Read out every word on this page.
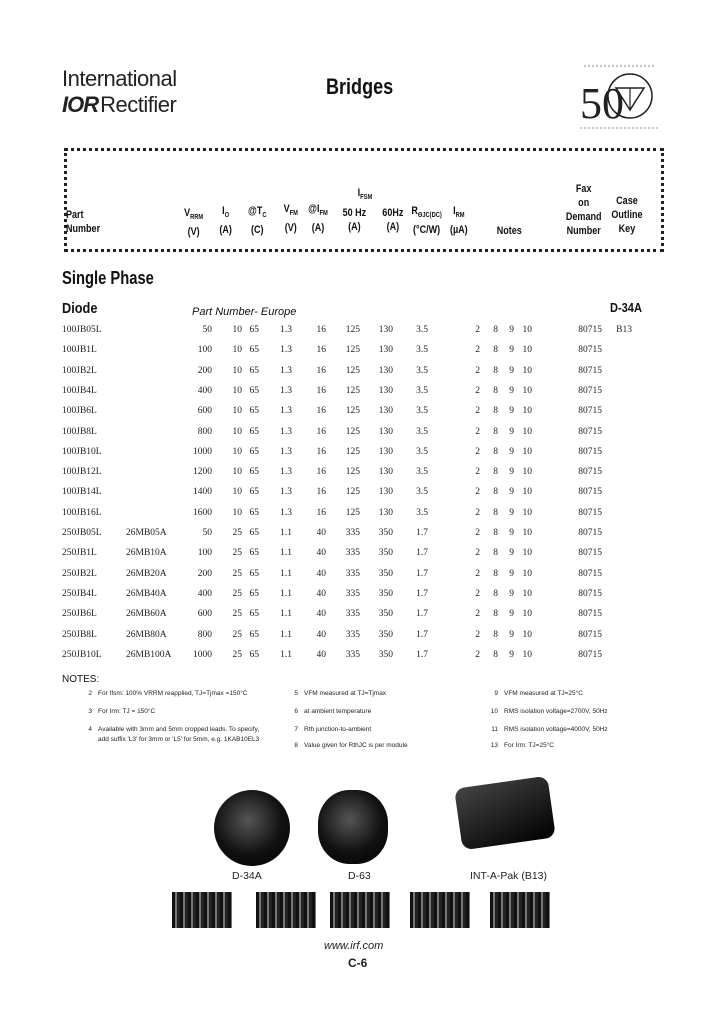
International
IORRectifier
Bridges	50
Part
Number
$V_{RRM}$
(V)
$I_O$
(A)
$@T_C$
(C)
$V_{FM}$
(V)
$@I_{FM}$
(A)
$I_{FSM}$
50 Hz
(A)
60Hz
(A)
$R_{\Theta JC(DC)}$
(°C/W)
$I_{RM}$
(µA)	Notes
Fax
on
Demand
Number
Case
Outline
Key
Single Phase
Diode	Part Number- Europe	D-34A
100JB05L	50 10 65 1.3	16 125 130 3.5	2 8 9 10	80715 B13
100JB1L	100 10 65 1.3	16 125 130 3.5	2 8 9 10	80715
100JB2L	200 10 65 1.3	16 125 130 3.5	2 8 9 10	80715
100JB4L	400 10 65 1.3	16 125 130 3.5	2 8 9 10	80715
100JB6L	600 10 65 1.3	16 125 130 3.5	2 8 9 10	80715
100JB8L	800 10 65 1.3	16 125 130 3.5	2 8 9 10	80715
100JB10L	1000 10 65 1.3	16 125 130 3.5	2 8 9 10	80715
100JB12L	1200 10 65 1.3	16 125 130 3.5	2 8 9 10	80715
100JB14L	1400 10 65 1.3	16 125 130 3.5	2 8 9 10	80715
100JB16L	1600 10 65 1.3	16 125 130 3.5	2 8 9 10	80715
250JB05L	26MB05A	50 25 65 1.1	40 335 350 1.7	2 8 9 10	80715
250JB1L	26MB10A	100 25 65 1.1	40 335 350 1.7	2 8 9 10	80715
250JB2L	26MB20A	200 25 65 1.1	40 335 350 1.7	2 8 9 10	80715
250JB4L	26MB40A	400 25 65 1.1	40 335 350 1.7	2 8 9 10	80715
250JB6L	26MB60A	600 25 65 1.1	40 335 350 1.7	2 8 9 10	80715
250JB8L	26MB80A	800 25 65 1.1	40 335 350 1.7	2 8 9 10	80715
250JB10L	26MB100A 1000 25 65 1.1	40 335 350 1.7	2 8 9 10	80715
NOTES:
2 For Ifsm: 100% VRRM reapplied, TJ=Tjmax =150°C
3 For Irm: TJ = 150°C
4 Available with 3mm and 5mm cropped leads. To specify,
add suffix 'L3' for 3mm or 'L5' for 5mm, e.g. 1KAB10EL3
5 VFM measured at TJ=Tjmax
6 at ambient temperature
7 Rth junction-to-ambient
8 Value given for RthJC is per module
9 VFM measured at TJ=25°C
10 RMS isolation voltage=2700V, 50Hz
11 RMS isolation voltage=4000V, 50Hz
13 For Irm: TJ=25°C
D-34A	D-63	INT-A-Pak (B13)
www.irf.com
C-6
